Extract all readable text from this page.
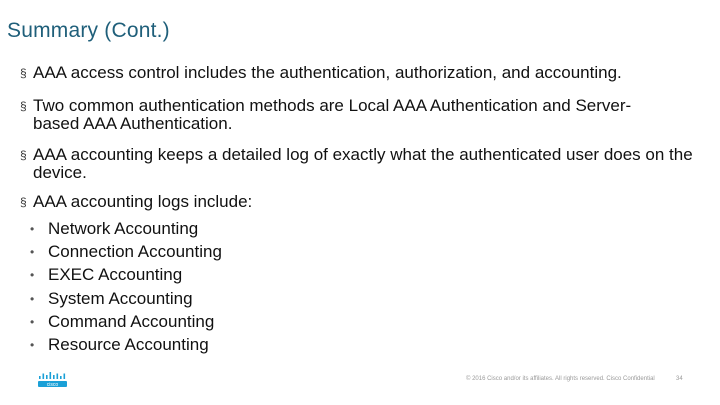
Summary (Cont.)
§ AAA access control includes the authentication, authorization, and accounting.
§ Two common authentication methods are Local AAA Authentication and Server-based AAA Authentication.
§ AAA accounting keeps a detailed log of exactly what the authenticated user does on the device.
§ AAA accounting logs include:
• Network Accounting
• Connection Accounting
• EXEC Accounting
• System Accounting
• Command Accounting
• Resource Accounting
cisco
© 2016 Cisco and/or its affiliates. All rights reserved. Cisco Confidential	34
